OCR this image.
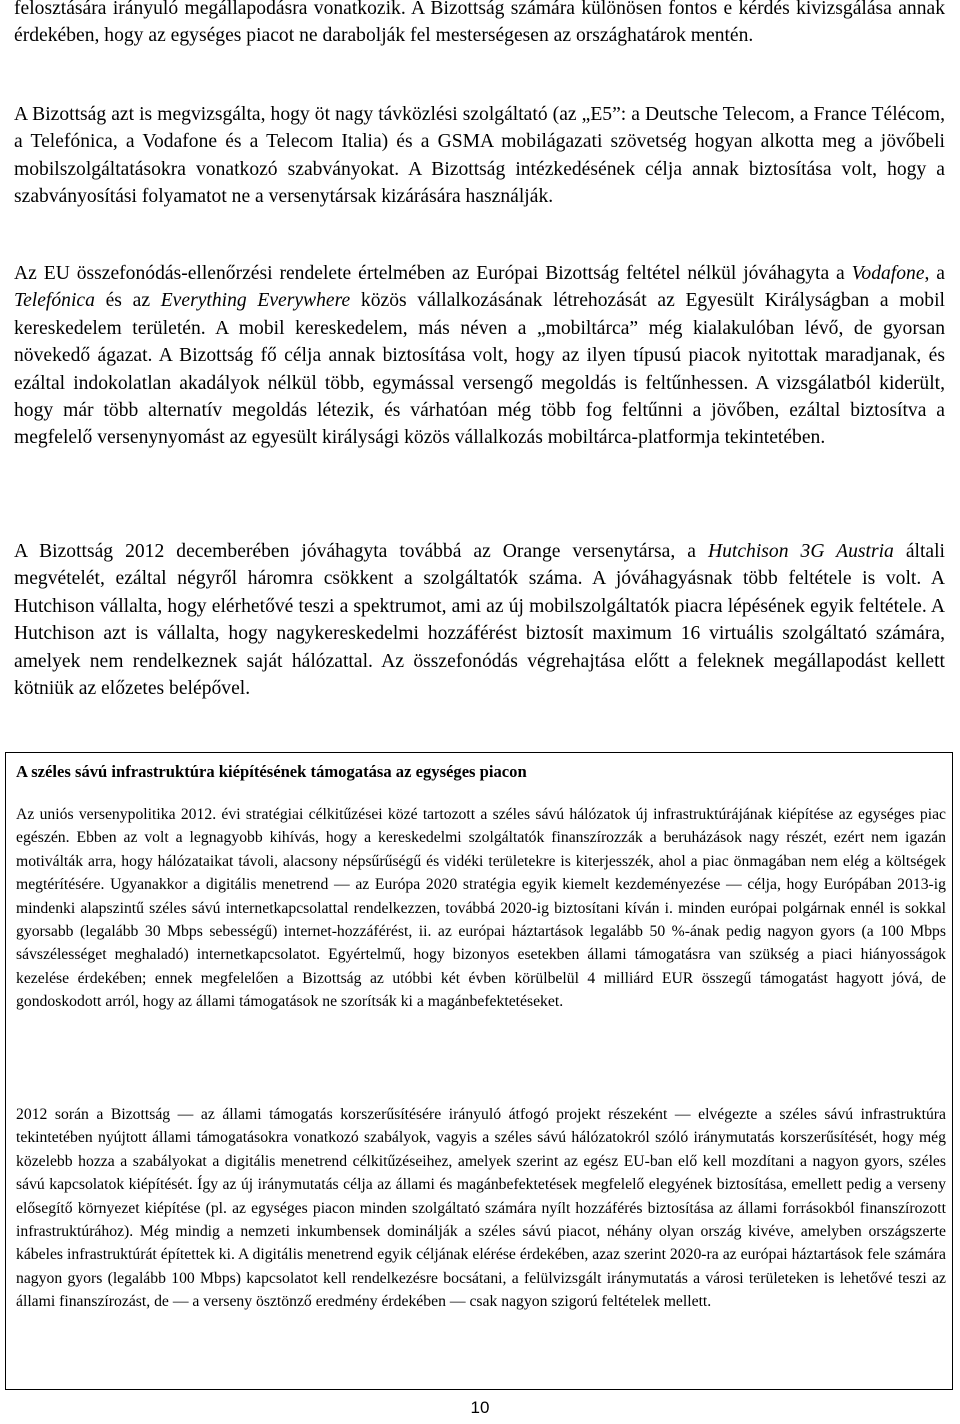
felosztására irányuló megállapodásra vonatkozik. A Bizottság számára különösen fontos e kérdés kivizsgálása annak érdekében, hogy az egységes piacot ne darabolják fel mesterségesen az országhatárok mentén.

A Bizottság azt is megvizsgálta, hogy öt nagy távközlési szolgáltató (az „E5”: a Deutsche Telecom, a France Télécom, a Telefónica, a Vodafone és a Telecom Italia) és a GSMA mobilágazati szövetség hogyan alkotta meg a jövőbeli mobilszolgáltatásokra vonatkozó szabványokat. A Bizottság intézkedésének célja annak biztosítása volt, hogy a szabványosítási folyamatot ne a versenytársak kizárására használják.

Az EU összefonódás-ellenőrzési rendelete értelmében az Európai Bizottság feltétel nélkül jóváhagyta a Vodafone, a Telefónica és az Everything Everywhere közös vállalkozásának létrehozását az Egyesült Királyságban a mobil kereskedelem területén. A mobil kereskedelem, más néven a „mobiltárca” még kialakulóban lévő, de gyorsan növekedő ágazat. A Bizottság fő célja annak biztosítása volt, hogy az ilyen típusú piacok nyitottak maradjanak, és ezáltal indokolatlan akadályok nélkül több, egymással versengő megoldás is feltűnhessen. A vizsgálatból kiderült, hogy már több alternatív megoldás létezik, és várhatóan még több fog feltűnni a jövőben, ezáltal biztosítva a megfelelő versenynyomást az egyesült királysági közös vállalkozás mobiltárca-platformja tekintetében.

A Bizottság 2012 decemberében jóváhagyta továbbá az Orange versenytársa, a Hutchison 3G Austria általi megvételét, ezáltal négyről háromra csökkent a szolgáltatók száma. A jóváhagyásnak több feltétele is volt. A Hutchison vállalta, hogy elérhetővé teszi a spektrumot, ami az új mobilszolgáltatók piacra lépésének egyik feltétele. A Hutchison azt is vállalta, hogy nagykereskedelmi hozzáférést biztosít maximum 16 virtuális szolgáltató számára, amelyek nem rendelkeznek saját hálózattal. Az összefonódás végrehajtása előtt a feleknek megállapodást kellett kötniük az előzetes belépővel.

A széles sávú infrastruktúra kiépítésének támogatása az egységes piacon

Az uniós versenypolitika 2012. évi stratégiai célkitűzései közé tartozott a széles sávú hálózatok új infrastruktúrájának kiépítése az egységes piac egészén. Ebben az volt a legnagyobb kihívás, hogy a kereskedelmi szolgáltatók finanszírozzák a beruházások nagy részét, ezért nem igazán motiválták arra, hogy hálózataikat távoli, alacsony népsűrűségű és vidéki területekre is kiterjesszék, ahol a piac önmagában nem elég a költségek megtérítésére. Ugyanakkor a digitális menetrend — az Európa 2020 stratégia egyik kiemelt kezdeményezése — célja, hogy Európában 2013-ig mindenki alapszintű széles sávú internetkapcsolattal rendelkezzen, továbbá 2020-ig biztosítani kíván i. minden európai polgárnak ennél is sokkal gyorsabb (legalább 30 Mbps sebességű) internet-hozzáférést, ii. az európai háztartások legalább 50 %-ának pedig nagyon gyors (a 100 Mbps sávszélességet meghaladó) internetkapcsolatot. Egyértelmű, hogy bizonyos esetekben állami támogatásra van szükség a piaci hiányosságok kezelése érdekében; ennek megfelelően a Bizottság az utóbbi két évben körülbelül 4 milliárd EUR összegű támogatást hagyott jóvá, de gondoskodott arról, hogy az állami támogatások ne szorítsák ki a magánbefektetéseket.

2012 során a Bizottság — az állami támogatás korszerűsítésére irányuló átfogó projekt részeként — elvégezte a széles sávú infrastruktúra tekintetében nyújtott állami támogatásokra vonatkozó szabályok, vagyis a széles sávú hálózatokról szóló iránymutatás korszerűsítését, hogy még közelebb hozza a szabályokat a digitális menetrend célkitűzéseihez, amelyek szerint az egész EU-ban elő kell mozdítani a nagyon gyors, széles sávú kapcsolatok kiépítését. Így az új iránymutatás célja az állami és magánbefektetések megfelelő elegyének biztosítása, emellett pedig a verseny elősegítő környezet kiépítése (pl. az egységes piacon minden szolgáltató számára nyílt hozzáférés biztosítása az állami forrásokból finanszírozott infrastruktúrához). Még mindig a nemzeti inkumbensek dominálják a széles sávú piacot, néhány olyan ország kivéve, amelyben országszerte kábeles infrastruktúrát építettek ki. A digitális menetrend egyik céljának elérése érdekében, azaz szerint 2020-ra az európai háztartások fele számára nagyon gyors (legalább 100 Mbps) kapcsolatot kell rendelkezésre bocsátani, a felülvizsgált iránymutatás a városi területeken is lehetővé teszi az állami finanszírozást, de — a verseny ösztönző eredmény érdekében — csak nagyon szigorú feltételek mellett.

10
